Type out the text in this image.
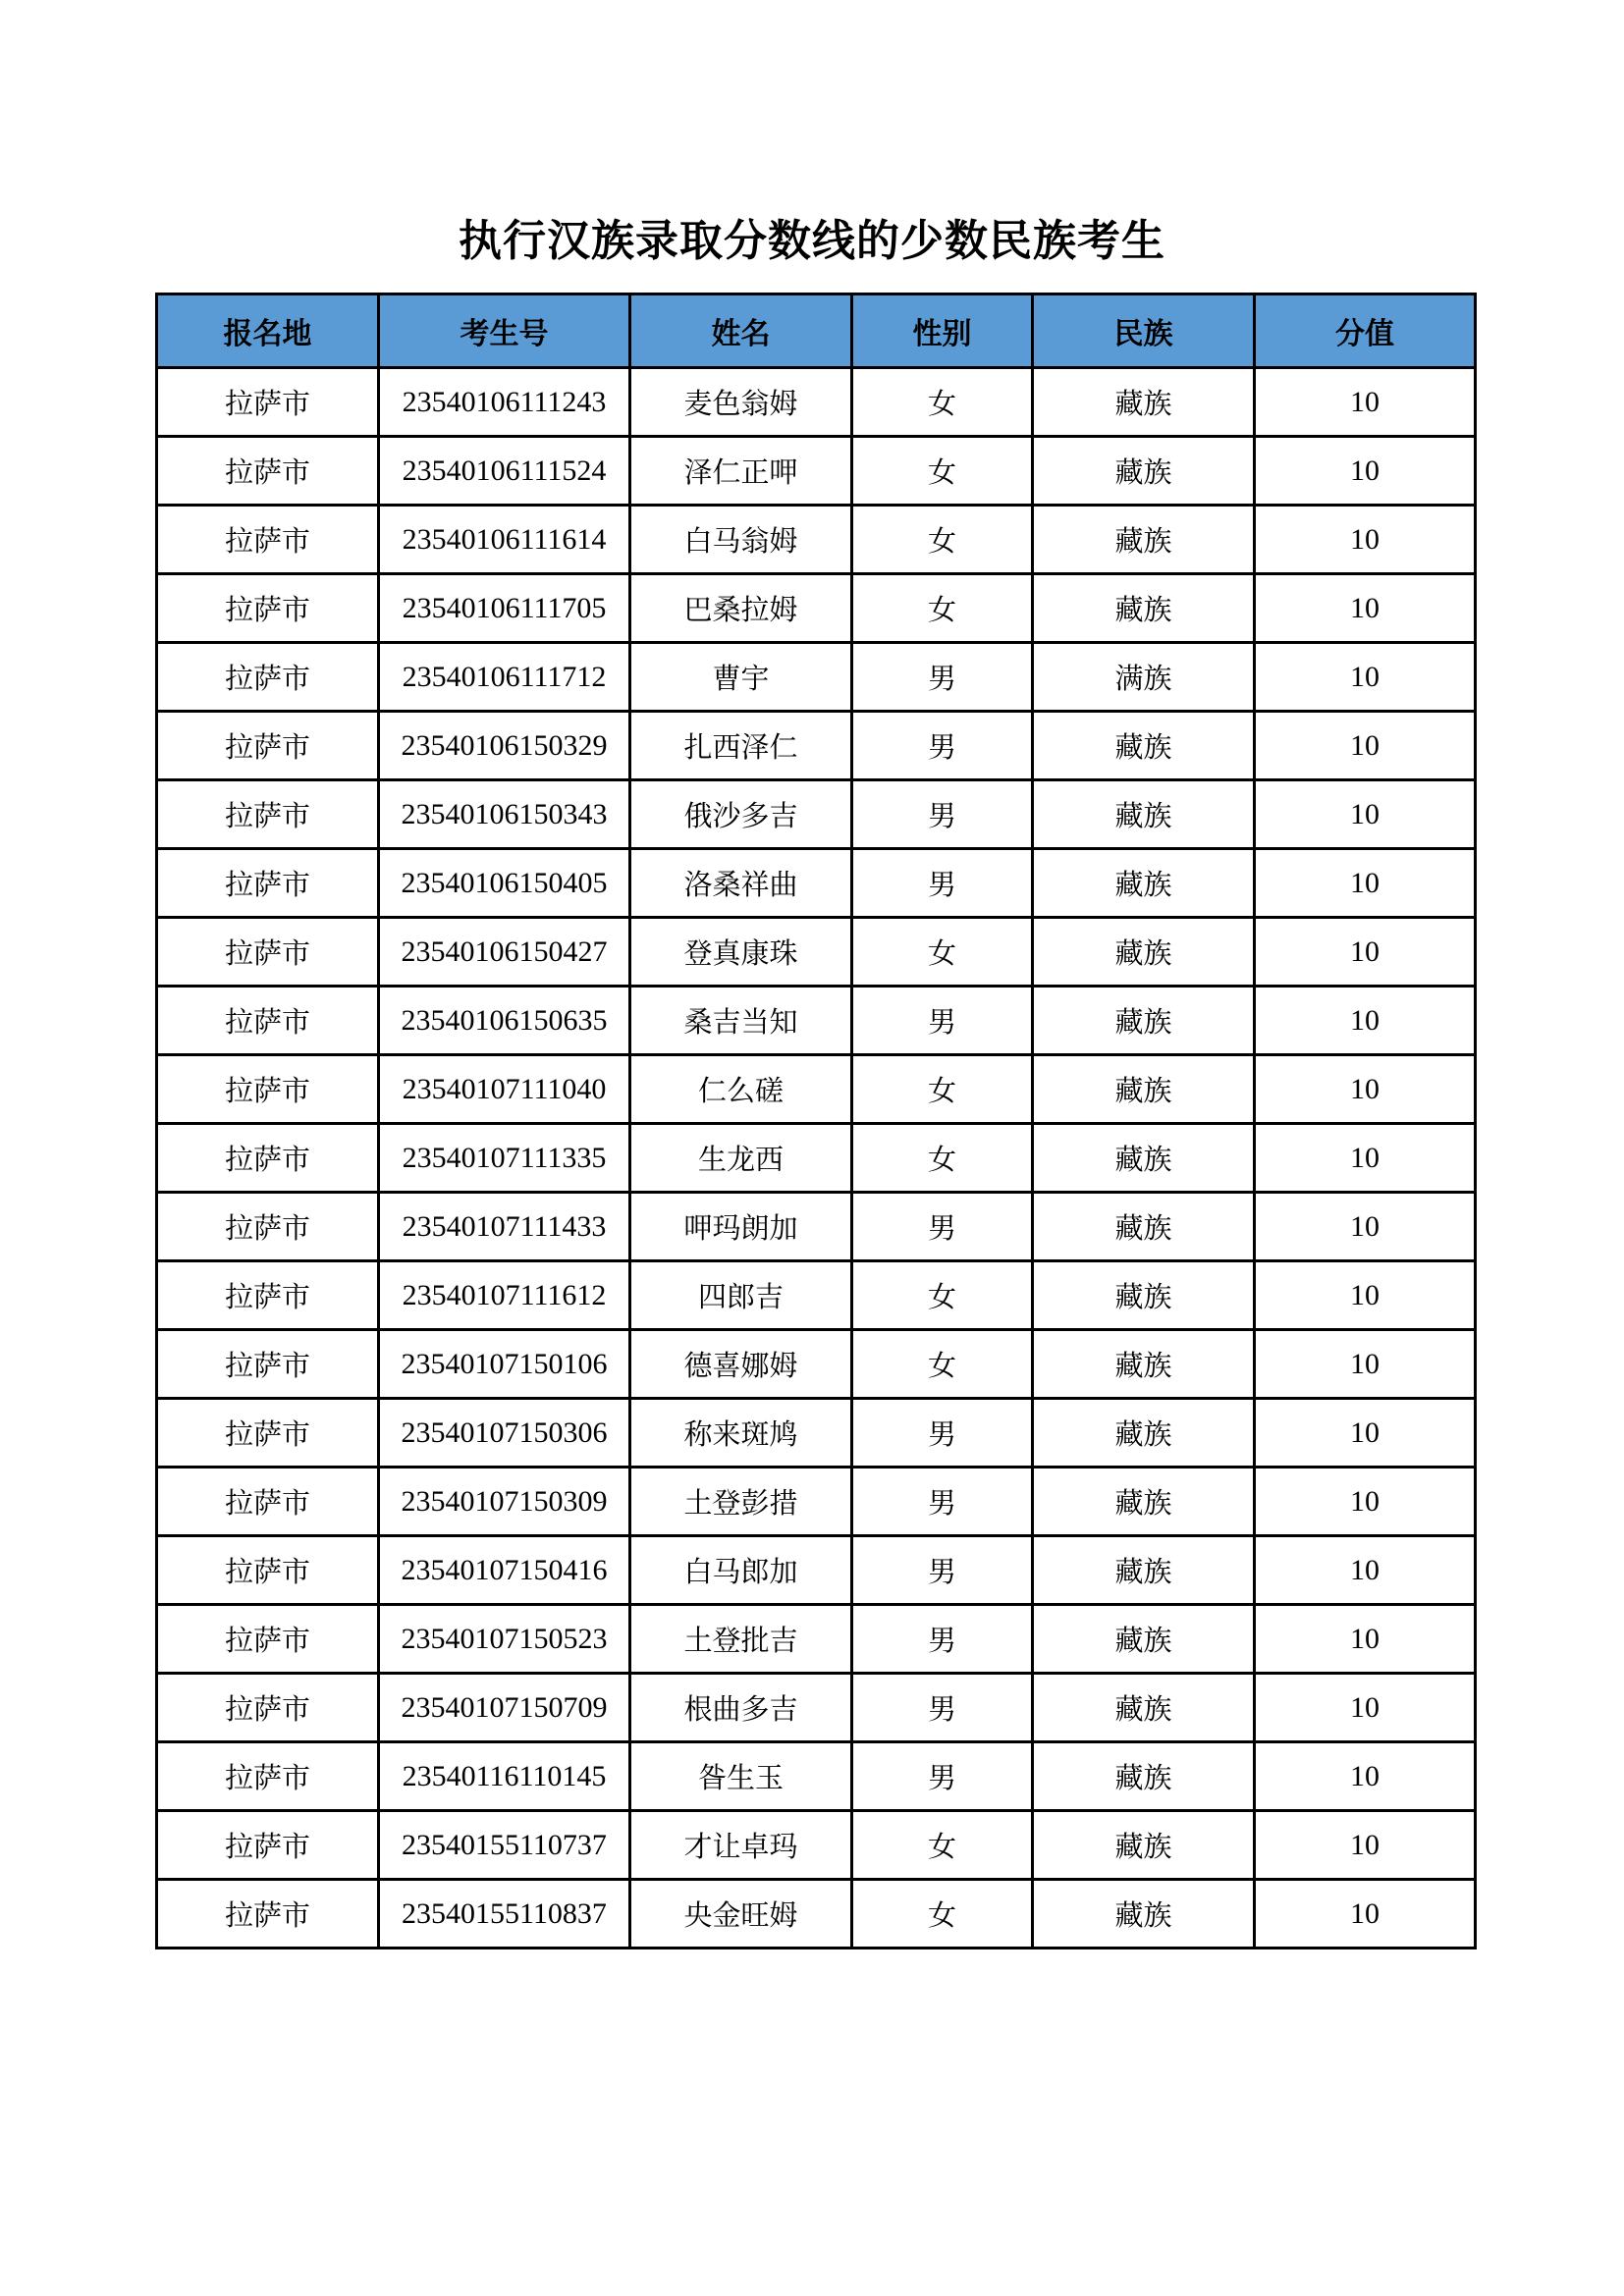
执行汉族录取分数线的少数民族考生
报名地	考生号	姓名	性别	民族	分值
拉萨市	23540106111243	麦色翁姆	女	藏族	10
拉萨市	23540106111524	泽仁正呷	女	藏族	10
拉萨市	23540106111614	白马翁姆	女	藏族	10
拉萨市	23540106111705	巴桑拉姆	女	藏族	10
拉萨市	23540106111712	曹宇	男	满族	10
拉萨市	23540106150329	扎西泽仁	男	藏族	10
拉萨市	23540106150343	俄沙多吉	男	藏族	10
拉萨市	23540106150405	洛桑祥曲	男	藏族	10
拉萨市	23540106150427	登真康珠	女	藏族	10
拉萨市	23540106150635	桑吉当知	男	藏族	10
拉萨市	23540107111040	仁么磋	女	藏族	10
拉萨市	23540107111335	生龙西	女	藏族	10
拉萨市	23540107111433	呷玛朗加	男	藏族	10
拉萨市	23540107111612	四郎吉	女	藏族	10
拉萨市	23540107150106	德喜娜姆	女	藏族	10
拉萨市	23540107150306	称来斑鸠	男	藏族	10
拉萨市	23540107150309	土登彭措	男	藏族	10
拉萨市	23540107150416	白马郎加	男	藏族	10
拉萨市	23540107150523	土登批吉	男	藏族	10
拉萨市	23540107150709	根曲多吉	男	藏族	10
拉萨市	23540116110145	昝生玉	男	藏族	10
拉萨市	23540155110737	才让卓玛	女	藏族	10
拉萨市	23540155110837	央金旺姆	女	藏族	10
